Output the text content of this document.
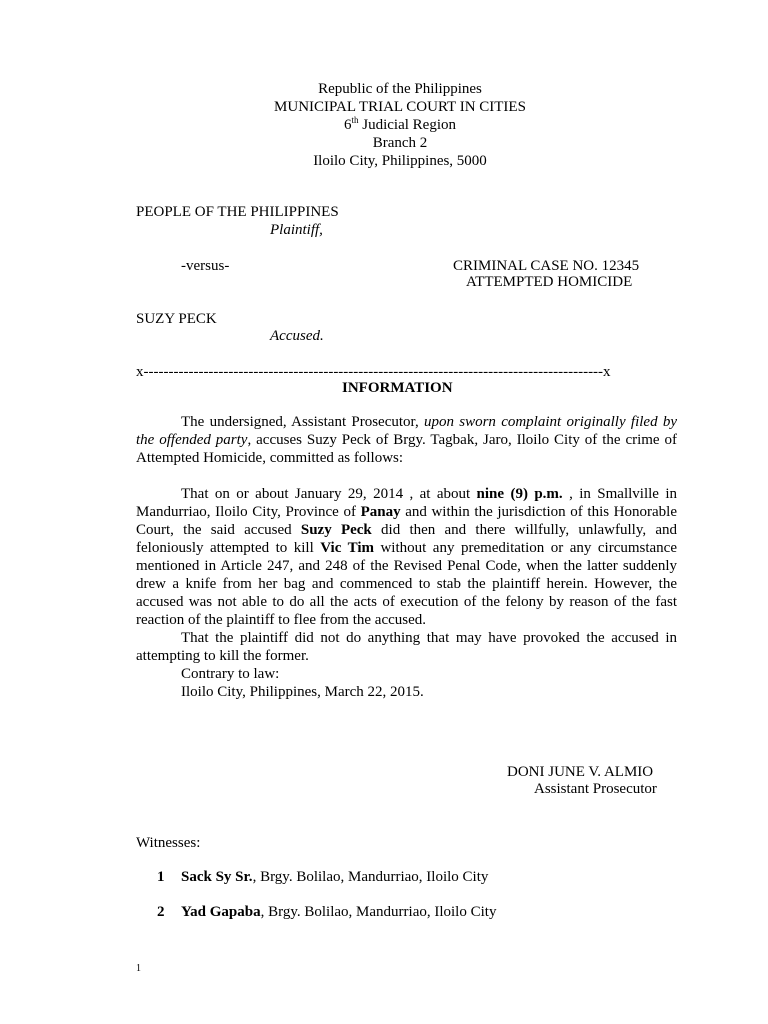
Republic of the Philippines
MUNICIPAL TRIAL COURT IN CITIES
6th Judicial Region
Branch 2
Iloilo City, Philippines, 5000
PEOPLE OF THE PHILIPPINES
Plaintiff,
-versus-	CRIMINAL CASE NO. 12345
ATTEMPTED HOMICIDE
SUZY PECK
Accused.
x--------------------------------------------------------------------------------------------x
INFORMATION

The undersigned, Assistant Prosecutor, upon sworn complaint originally filed by the offended party, accuses Suzy Peck of Brgy. Tagbak, Jaro, Iloilo City of the crime of Attempted Homicide, committed as follows:

That on or about January 29, 2014 , at about nine (9) p.m. , in Smallville in Mandurriao, Iloilo City, Province of Panay and within the jurisdiction of this Honorable Court, the said accused Suzy Peck did then and there willfully, unlawfully, and feloniously attempted to kill Vic Tim without any premeditation or any circumstance mentioned in Article 247, and 248 of the Revised Penal Code, when the latter suddenly drew a knife from her bag and commenced to stab the plaintiff herein. However, the accused was not able to do all the acts of execution of the felony by reason of the fast reaction of the plaintiff to flee from the accused.

That the plaintiff did not do anything that may have provoked the accused in attempting to kill the former.

Contrary to law:

Iloilo City, Philippines, March 22, 2015.

DONI JUNE V. ALMIO
Assistant Prosecutor
Witnesses:
1 Sack Sy Sr., Brgy. Bolilao, Mandurriao, Iloilo City
2 Yad Gapaba, Brgy. Bolilao, Mandurriao, Iloilo City
1
